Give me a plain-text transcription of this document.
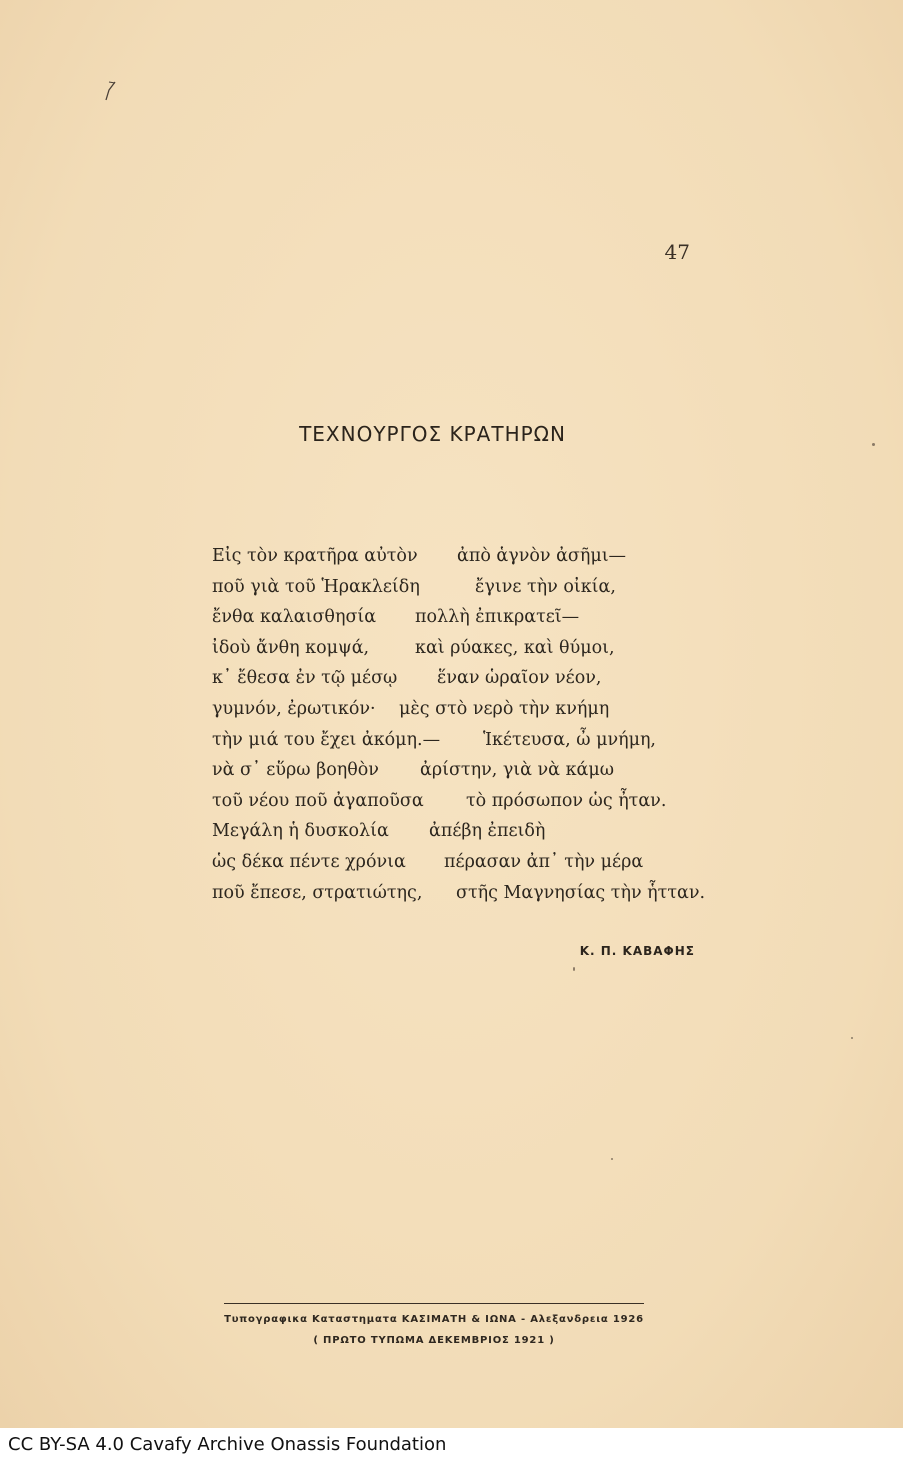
47
ΤΕΧΝΟΥΡΓΟΣ ΚΡΑΤΗΡΩΝ
Εἰς τὸν κρατῆρα αὐτὸν ἀπὸ ἁγνὸν ἀσῆμι—
ποῦ γιὰ τοῦ Ἡρακλείδη	ἔγινε τὴν οἰκία,
ἔνθα καλαισθησία πολλὴ ἐπικρατεῖ—
ἰδοὺ ἄνθη κομψά,	καὶ ρύακες, καὶ θύμοι,
κ᾽ ἔθεσα ἐν τῷ μέσῳ ἕναν ὡραῖον νέον,
γυμνόν, ἐρωτικόν· μὲς στὸ νερὸ τὴν κνήμη
τὴν μιά του ἔχει ἀκόμη.— Ἱκέτευσα, ὦ μνήμη,
νὰ σ᾽ εὕρω βοηθὸν ἀρίστην, γιὰ νὰ κάμω
τοῦ νέου ποῦ ἀγαποῦσα τὸ πρόσωπον ὡς ἦταν.
Μεγάλη ἡ δυσκολία ἀπέβη ἐπειδὴ
ὡς δέκα πέντε χρόνια πέρασαν ἀπ᾽ τὴν μέρα
ποῦ ἔπεσε, στρατιώτης, στῆς Μαγνησίας τὴν ἧτταν.
Κ. Π. ΚΑΒΑΦΗΣ
Τυπογραφικα Καταστηματα ΚΑΣΙΜΑΤΗ & ΙΩΝΑ - Αλεξανδρεια 1926
( ΠΡΩΤΟ ΤΥΠΩΜΑ ΔΕΚΕΜΒΡΙΟΣ 1921 )
CC BY-SA 4.0 Cavafy Archive Onassis Foundation
